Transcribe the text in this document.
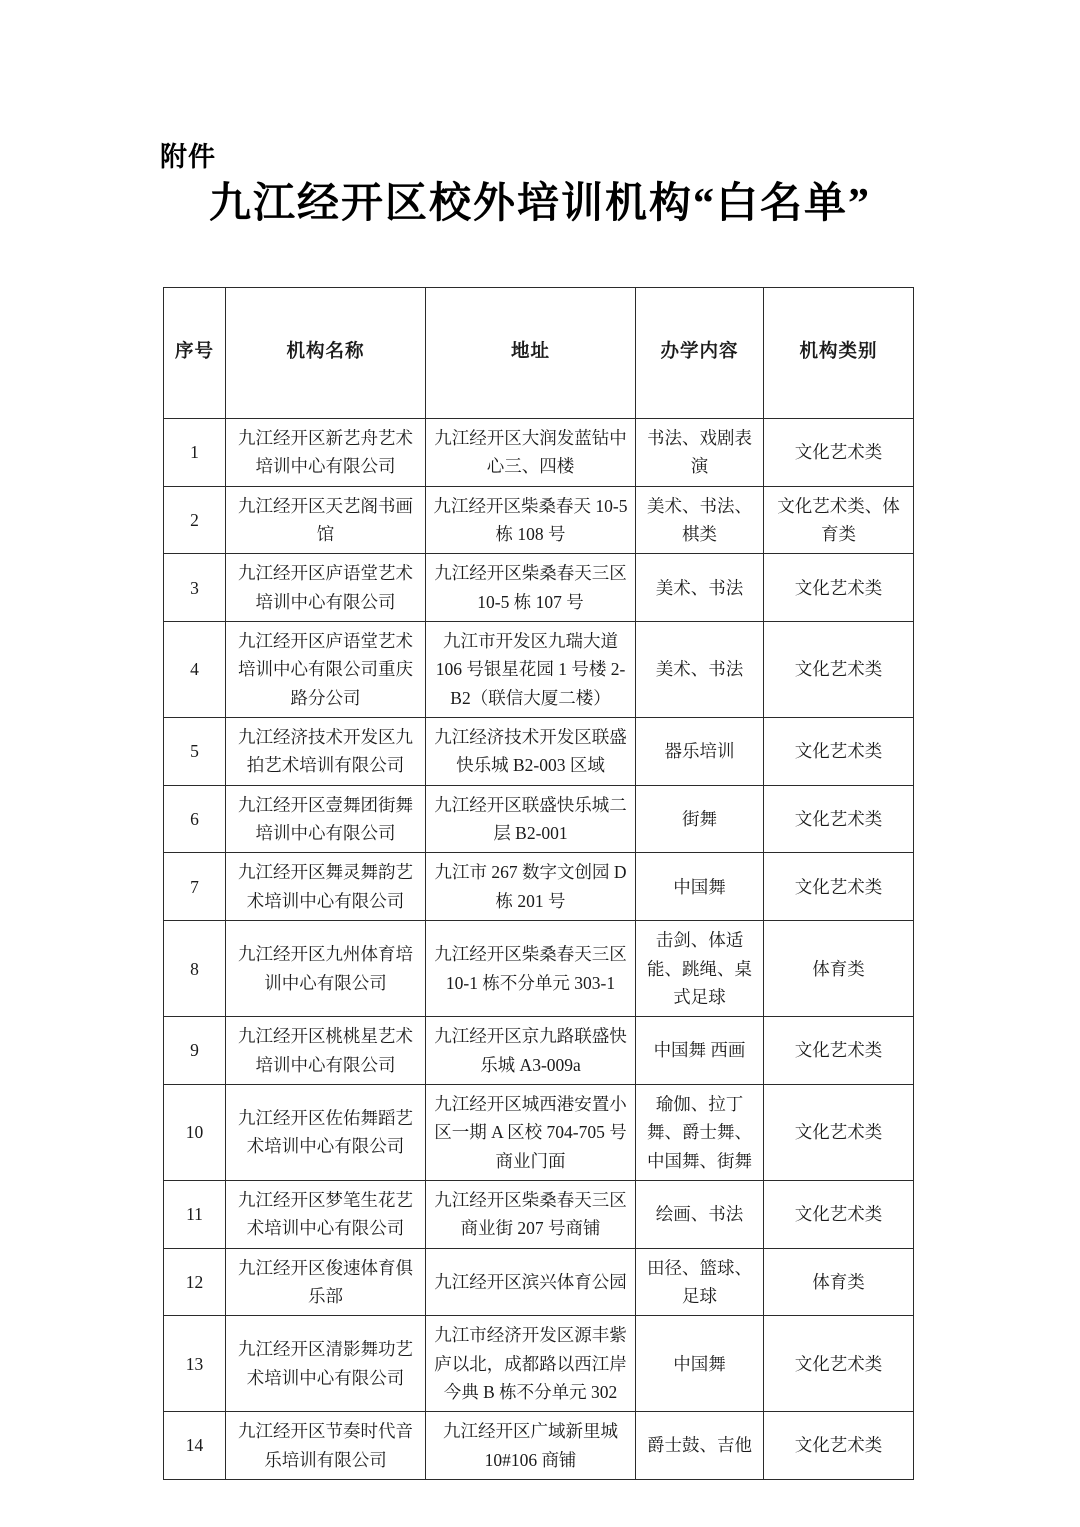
附件
九江经开区校外培训机构“白名单”
序号	机构名称	地址	办学内容	机构类别
1	九江经开区新艺舟艺术培训中心有限公司	九江经开区大润发蓝钻中心三、四楼	书法、戏剧表演	文化艺术类
2	九江经开区天艺阁书画馆	九江经开区柴桑春天 10-5 栋 108 号	美术、书法、棋类	文化艺术类、体育类
3	九江经开区庐语堂艺术培训中心有限公司	九江经开区柴桑春天三区 10-5 栋 107 号	美术、书法	文化艺术类
4	九江经开区庐语堂艺术培训中心有限公司重庆路分公司	九江市开发区九瑞大道 106 号银星花园 1 号楼 2-B2（联信大厦二楼）	美术、书法	文化艺术类
5	九江经济技术开发区九拍艺术培训有限公司	九江经济技术开发区联盛快乐城 B2-003 区域	器乐培训	文化艺术类
6	九江经开区壹舞团街舞培训中心有限公司	九江经开区联盛快乐城二层 B2-001	街舞	文化艺术类
7	九江经开区舞灵舞韵艺术培训中心有限公司	九江市 267 数字文创园 D 栋 201 号	中国舞	文化艺术类
8	九江经开区九州体育培训中心有限公司	九江经开区柴桑春天三区 10-1 栋不分单元 303-1	击剑、体适能、跳绳、桌式足球	体育类
9	九江经开区桃桃星艺术培训中心有限公司	九江经开区京九路联盛快乐城 A3-009a	中国舞 西画	文化艺术类
10	九江经开区佐佑舞蹈艺术培训中心有限公司	九江经开区城西港安置小区一期 A 区校 704-705 号商业门面	瑜伽、拉丁舞、爵士舞、中国舞、街舞	文化艺术类
11	九江经开区梦笔生花艺术培训中心有限公司	九江经开区柴桑春天三区商业街 207 号商铺	绘画、书法	文化艺术类
12	九江经开区俊速体育俱乐部	九江经开区滨兴体育公园	田径、篮球、足球	体育类
13	九江经开区清影舞功艺术培训中心有限公司	九江市经济开发区源丰紫庐以北，成都路以西江岸今典 B 栋不分单元 302	中国舞	文化艺术类
14	九江经开区节奏时代音乐培训有限公司	九江经开区广域新里城 10#106 商铺	爵士鼓、吉他	文化艺术类
